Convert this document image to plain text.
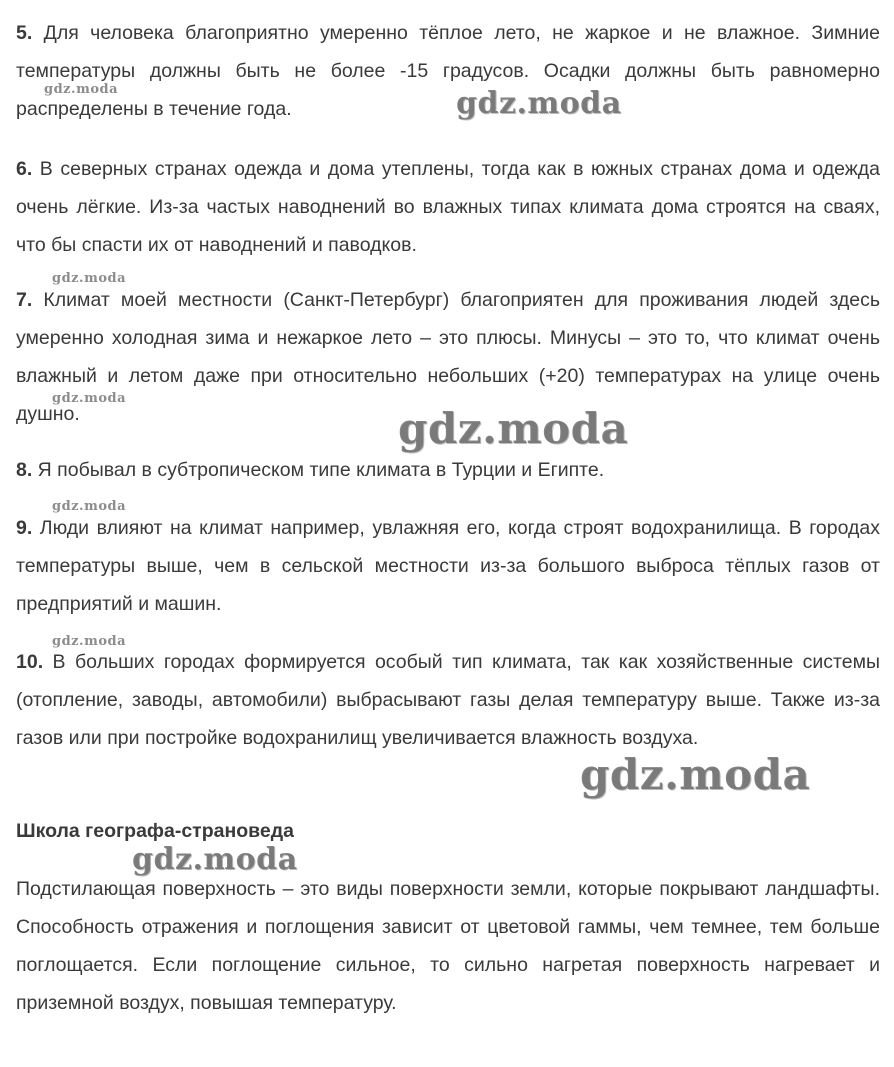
5. Для человека благоприятно умеренно тёплое лето, не жаркое и не влажное. Зимние температуры должны быть не более -15 градусов. Осадки должны быть равномерно распределены в течение года.

6. В северных странах одежда и дома утеплены, тогда как в южных странах дома и одежда очень лёгкие. Из-за частых наводнений во влажных типах климата дома строятся на сваях, что бы спасти их от наводнений и паводков.

7. Климат моей местности (Санкт-Петербург) благоприятен для проживания людей здесь умеренно холодная зима и нежаркое лето – это плюсы. Минусы – это то, что климат очень влажный и летом даже при относительно небольших (+20) температурах на улице очень душно.

8. Я побывал в субтропическом типе климата в Турции и Египте.

9. Люди влияют на климат например, увлажняя его, когда строят водохранилища. В городах температуры выше, чем в сельской местности из-за большого выброса тёплых газов от предприятий и машин.

10. В больших городах формируется особый тип климата, так как хозяйственные системы (отопление, заводы, автомобили) выбрасывают газы делая температуру выше. Также из-за газов или при постройке водохранилищ увеличивается влажность воздуха.

Школа географа-страноведа

Подстилающая поверхность – это виды поверхности земли, которые покрывают ландшафты. Способность отражения и поглощения зависит от цветовой гаммы, чем темнее, тем больше поглощается. Если поглощение сильное, то сильно нагретая поверхность нагревает и приземной воздух, повышая температуру.

gdz.moda	gdz.moda
gdz.moda
gdz.moda
gdz.moda
gdz.moda
gdz.moda
gdz.moda
gdz.moda
